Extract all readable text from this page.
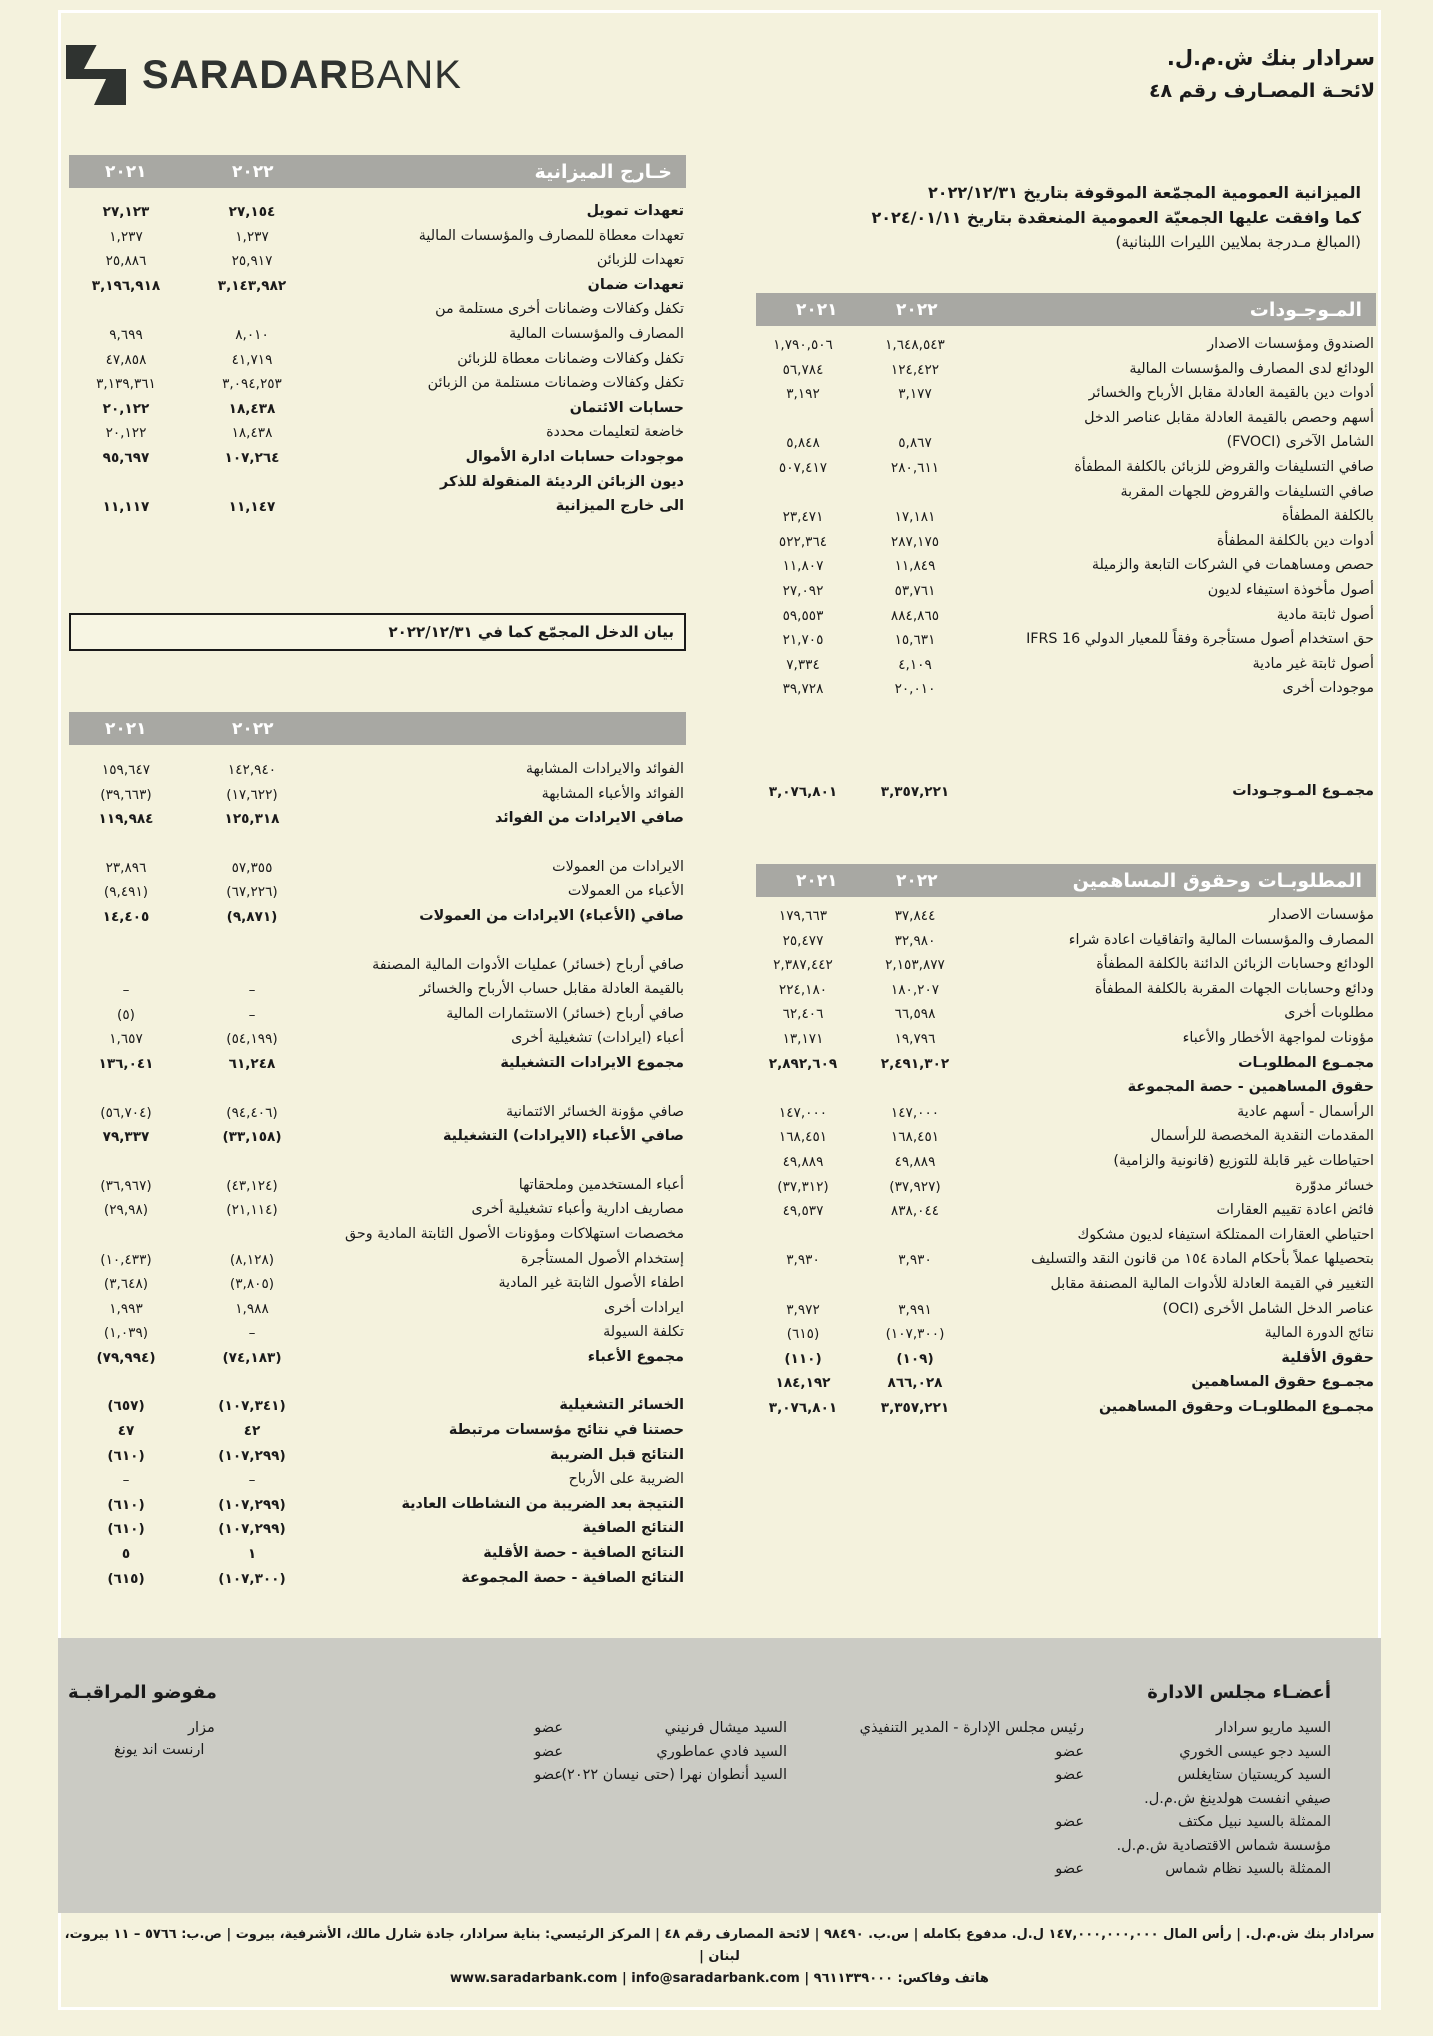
SARADARBANK	سرادار بنك ش.م.ل.
لائحـة المصـارف رقم ٤٨
الميزانية العمومية المجمّعة الموقوفة بتاريخ ٢٠٢٢/١٢/٣١
كما وافقت عليها الجمعيّة العمومية المنعقدة بتاريخ ٢٠٢٤/٠١/١١
(المبالغ مـدرجة بملايين الليرات اللبنانية)
المـوجـودات
٢٠٢٢
٢٠٢١
الصندوق ومؤسسات الاصدار
١,٦٤٨,٥٤٣
١,٧٩٠,٥٠٦
الودائع لدى المصارف والمؤسسات المالية
١٢٤,٤٢٢
٥٦,٧٨٤
أدوات دين بالقيمة العادلة مقابل الأرباح والخسائر
٣,١٧٧
٣,١٩٢
أسهم وحصص بالقيمة العادلة مقابل عناصر الدخل
الشامل الآخرى (FVOCI)
٥,٨٦٧
٥,٨٤٨
صافي التسليفات والقروض للزبائن بالكلفة المطفأة
٢٨٠,٦١١
٥٠٧,٤١٧
صافي التسليفات والقروض للجهات المقربة
بالكلفة المطفأة
١٧,١٨١
٢٣,٤٧١
أدوات دين بالكلفة المطفأة
٢٨٧,١٧٥
٥٢٢,٣٦٤
حصص ومساهمات في الشركات التابعة والزميلة
١١,٨٤٩
١١,٨٠٧
أصول مأخوذة استيفاء لديون
٥٣,٧٦١
٢٧,٠٩٢
أصول ثابتة مادية
٨٨٤,٨٦٥
٥٩,٥٥٣
حق استخدام أصول مستأجرة وفقاً للمعيار الدولي IFRS 16
١٥,٦٣١
٢١,٧٠٥
أصول ثابتة غير مادية
٤,١٠٩
٧,٣٣٤
موجودات أخرى
٢٠,٠١٠
٣٩,٧٢٨
مجمـوع المـوجـودات
٣,٣٥٧,٢٢١
٣,٠٧٦,٨٠١
المطلوبـات وحقوق المساهمين
٢٠٢٢
٢٠٢١
مؤسسات الاصدار
٣٧,٨٤٤
١٧٩,٦٦٣
المصارف والمؤسسات المالية واتفاقيات اعادة شراء
٣٢,٩٨٠
٢٥,٤٧٧
الودائع وحسابات الزبائن الدائنة بالكلفة المطفأة
٢,١٥٣,٨٧٧
٢,٣٨٧,٤٤٢
ودائع وحسابات الجهات المقربة بالكلفة المطفأة
١٨٠,٢٠٧
٢٢٤,١٨٠
مطلوبات أخرى
٦٦,٥٩٨
٦٢,٤٠٦
مؤونات لمواجهة الأخطار والأعباء
١٩,٧٩٦
١٣,١٧١
مجمـوع المطلوبـات
٢,٤٩١,٣٠٢
٢,٨٩٢,٦٠٩
حقوق المساهمين - حصة المجموعة
الرأسمال - أسهم عادية
١٤٧,٠٠٠
١٤٧,٠٠٠
المقدمات النقدية المخصصة للرأسمال
١٦٨,٤٥١
١٦٨,٤٥١
احتياطات غير قابلة للتوزيع (قانونية والزامية)
٤٩,٨٨٩
٤٩,٨٨٩
خسائر مدوّرة
(٣٧,٩٢٧)
(٣٧,٣١٢)
فائض اعادة تقييم العقارات
٨٣٨,٠٤٤
٤٩,٥٣٧
احتياطي العقارات الممتلكة استيفاء لديون مشكوك
بتحصيلها عملاً بأحكام المادة ١٥٤ من قانون النقد والتسليف
٣,٩٣٠
٣,٩٣٠
التغيير في القيمة العادلة للأدوات المالية المصنفة مقابل
عناصر الدخل الشامل الأخرى (OCI)
٣,٩٩١
٣,٩٧٢
نتائج الدورة المالية
(١٠٧,٣٠٠)
(٦١٥)
حقوق الأقلية
(١٠٩)
(١١٠)
مجمـوع حقوق المساهمين
٨٦٦,٠٢٨
١٨٤,١٩٢
مجمـوع المطلوبـات وحقوق المساهمين
٣,٣٥٧,٢٢١
٣,٠٧٦,٨٠١
خـارج الميزانية
٢٠٢٢
٢٠٢١
تعهدات تمويل
٢٧,١٥٤
٢٧,١٢٣
تعهدات معطاة للمصارف والمؤسسات المالية
١,٢٣٧
١,٢٣٧
تعهدات للزبائن
٢٥,٩١٧
٢٥,٨٨٦
تعهدات ضمان
٣,١٤٣,٩٨٢
٣,١٩٦,٩١٨
تكفل وكفالات وضمانات أخرى مستلمة من
المصارف والمؤسسات المالية
٨,٠١٠
٩,٦٩٩
تكفل وكفالات وضمانات معطاة للزبائن
٤١,٧١٩
٤٧,٨٥٨
تكفل وكفالات وضمانات مستلمة من الزبائن
٣,٠٩٤,٢٥٣
٣,١٣٩,٣٦١
حسابات الائتمان
١٨,٤٣٨
٢٠,١٢٢
خاضعة لتعليمات محددة
١٨,٤٣٨
٢٠,١٢٢
موجودات حسابات ادارة الأموال
١٠٧,٢٦٤
٩٥,٦٩٧
ديون الزبائن الرديئة المنقولة للذكر
الى خارج الميزانية
١١,١٤٧
١١,١١٧
بيان الدخل المجمّع كما في ٢٠٢٢/١٢/٣١
٢٠٢٢
٢٠٢١
الفوائد والايرادات المشابهة
١٤٢,٩٤٠
١٥٩,٦٤٧
الفوائد والأعباء المشابهة
(١٧,٦٢٢)
(٣٩,٦٦٣)
صافي الايرادات من الفوائد
١٢٥,٣١٨
١١٩,٩٨٤
الايرادات من العمولات
٥٧,٣٥٥
٢٣,٨٩٦
الأعباء من العمولات
(٦٧,٢٢٦)
(٩,٤٩١)
صافي (الأعباء) الايرادات من العمولات
(٩,٨٧١)
١٤,٤٠٥
صافي أرباح (خسائر) عمليات الأدوات المالية المصنفة
بالقيمة العادلة مقابل حساب الأرباح والخسائر
–
–
صافي أرباح (خسائر) الاستثمارات المالية
–
(٥)
أعباء (ايرادات) تشغيلية أخرى
(٥٤,١٩٩)
١,٦٥٧
مجموع الايرادات التشغيلية
٦١,٢٤٨
١٣٦,٠٤١
صافي مؤونة الخسائر الائتمانية
(٩٤,٤٠٦)
(٥٦,٧٠٤)
صافي الأعباء (الايرادات) التشغيلية
(٣٣,١٥٨)
٧٩,٣٣٧
أعباء المستخدمين وملحقاتها
(٤٣,١٢٤)
(٣٦,٩٦٧)
مصاريف ادارية وأعباء تشغيلية أخرى
(٢١,١١٤)
(٢٩,٩٨)
مخصصات استهلاكات ومؤونات الأصول الثابتة المادية وحق
إستخدام الأصول المستأجرة
(٨,١٢٨)
(١٠,٤٣٣)
اطفاء الأصول الثابتة غير المادية
(٣,٨٠٥)
(٣,٦٤٨)
ايرادات أخرى
١,٩٨٨
١,٩٩٣
تكلفة السيولة
–
(١,٠٣٩)
مجموع الأعباء
(٧٤,١٨٣)
(٧٩,٩٩٤)
الخسائر التشغيلية
(١٠٧,٣٤١)
(٦٥٧)
حصتنا في نتائج مؤسسات مرتبطة
٤٢
٤٧
النتائج قبل الضريبة
(١٠٧,٢٩٩)
(٦١٠)
الضريبة على الأرباح
–
–
النتيجة بعد الضريبة من النشاطات العادية
(١٠٧,٢٩٩)
(٦١٠)
النتائج الصافية
(١٠٧,٢٩٩)
(٦١٠)
النتائج الصافية - حصة الأقلية
١
٥
النتائج الصافية - حصة المجموعة
(١٠٧,٣٠٠)
(٦١٥)
أعضـاء مجلس الادارة
السيد ماريو سرادار
رئيس مجلس الإدارة - المدير التنفيذي
السيد دجو عيسى الخوري
عضو
السيد كريستيان ستايغلس
عضو
صيفي انفست هولدينغ ش.م.ل.
الممثلة بالسيد نبيل مكتف
عضو
مؤسسة شماس الاقتصادية ش.م.ل.
الممثلة بالسيد نظام شماس
عضو
السيد ميشال فرنيني
عضو
السيد فادي عماطوري
عضو
السيد أنطوان نهرا (حتى نيسان ٢٠٢٢)
عضو
مفوضو المراقبـة
مزار
ارنست اند يونغ
سرادار بنك ش.م.ل. | رأس المال ١٤٧,٠٠٠,٠٠٠,٠٠٠ ل.ل. مدفوع بكامله | س.ب. ٩٨٤٩٠ | لائحة المصارف رقم ٤٨ | المركز الرئيسي: بناية سرادار، جادة شارل مالك، الأشرفية، بيروت | ص.ب: ٥٧٦٦ – ١١ بيروت، لبنان |
هاتف وفاكس: ٩٦١١٣٣٩٠٠٠ | www.saradarbank.com | info@saradarbank.com
